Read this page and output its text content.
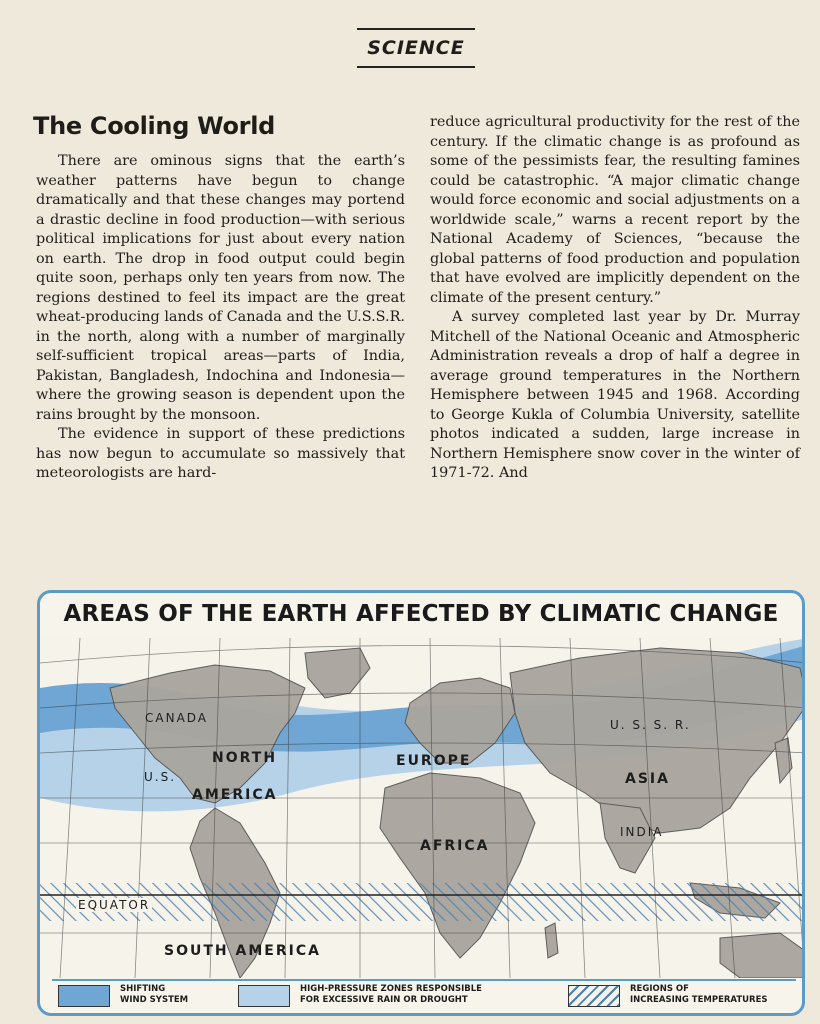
SCIENCE
The Cooling World

There are ominous signs that the earth’s weather patterns have begun to change dramatically and that these changes may portend a drastic decline in food production—with serious political implications for just about every nation on earth. The drop in food output could begin quite soon, perhaps only ten years from now. The regions destined to feel its impact are the great wheat-producing lands of Canada and the U.S.S.R. in the north, along with a number of marginally self-sufficient tropical areas—parts of India, Pakistan, Bangladesh, Indochina and Indonesia—where the growing season is dependent upon the rains brought by the monsoon.

The evidence in support of these predictions has now begun to accumulate so massively that meteorologists are hard-

reduce agricultural productivity for the rest of the century. If the climatic change is as profound as some of the pessimists fear, the resulting famines could be catastrophic. “A major climatic change would force economic and social adjustments on a worldwide scale,” warns a recent report by the National Academy of Sciences, “because the global patterns of food production and population that have evolved are implicitly dependent on the climate of the present century.”

A survey completed last year by Dr. Murray Mitchell of the National Oceanic and Atmospheric Administration reveals a drop of half a degree in average ground temperatures in the Northern Hemisphere between 1945 and 1968. According to George Kukla of Columbia University, satellite photos indicated a sudden, large increase in Northern Hemisphere snow cover in the winter of 1971-72. And

AREAS OF THE EARTH AFFECTED BY CLIMATIC CHANGE
CANADA
NORTH
U.S.
AMERICA
EUROPE
U. S. S. R.
ASIA
INDIA
AFRICA
EQUATOR
SOUTH AMERICA
SHIFTING
WIND SYSTEM
HIGH-PRESSURE ZONES RESPONSIBLE
FOR EXCESSIVE RAIN OR DROUGHT
REGIONS OF
INCREASING TEMPERATURES
